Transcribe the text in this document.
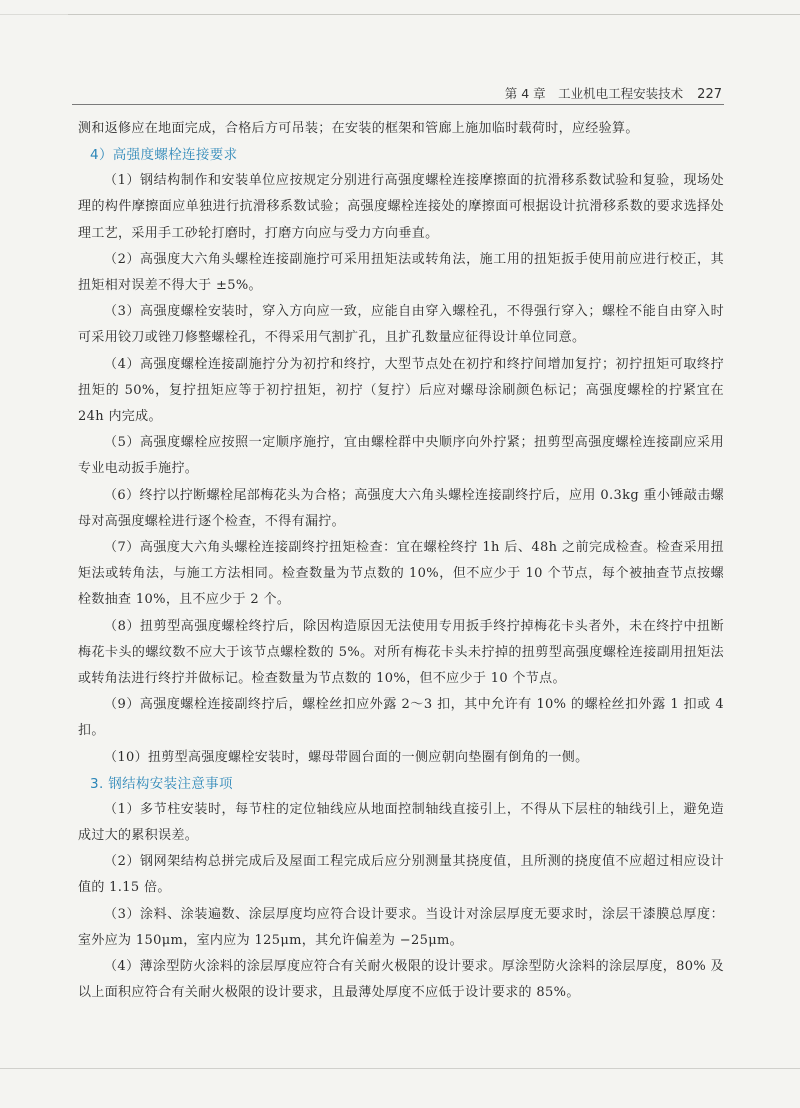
第 4 章　工业机电工程安装技术 227

测和返修应在地面完成，合格后方可吊装；在安装的框架和管廊上施加临时载荷时，应经验算。

4）高强度螺栓连接要求

（1）钢结构制作和安装单位应按规定分别进行高强度螺栓连接摩擦面的抗滑移系数试验和复验，现场处理的构件摩擦面应单独进行抗滑移系数试验；高强度螺栓连接处的摩擦面可根据设计抗滑移系数的要求选择处理工艺，采用手工砂轮打磨时，打磨方向应与受力方向垂直。

（2）高强度大六角头螺栓连接副施拧可采用扭矩法或转角法，施工用的扭矩扳手使用前应进行校正，其扭矩相对误差不得大于 ±5%。

（3）高强度螺栓安装时，穿入方向应一致，应能自由穿入螺栓孔，不得强行穿入；螺栓不能自由穿入时可采用铰刀或锉刀修整螺栓孔，不得采用气割扩孔，且扩孔数量应征得设计单位同意。

（4）高强度螺栓连接副施拧分为初拧和终拧，大型节点处在初拧和终拧间增加复拧；初拧扭矩可取终拧扭矩的 50%，复拧扭矩应等于初拧扭矩，初拧（复拧）后应对螺母涂刷颜色标记；高强度螺栓的拧紧宜在 24h 内完成。

（5）高强度螺栓应按照一定顺序施拧，宜由螺栓群中央顺序向外拧紧；扭剪型高强度螺栓连接副应采用专业电动扳手施拧。

（6）终拧以拧断螺栓尾部梅花头为合格；高强度大六角头螺栓连接副终拧后，应用 0.3kg 重小锤敲击螺母对高强度螺栓进行逐个检查，不得有漏拧。

（7）高强度大六角头螺栓连接副终拧扭矩检查：宜在螺栓终拧 1h 后、48h 之前完成检查。检查采用扭矩法或转角法，与施工方法相同。检查数量为节点数的 10%，但不应少于 10 个节点，每个被抽查节点按螺栓数抽查 10%，且不应少于 2 个。

（8）扭剪型高强度螺栓终拧后，除因构造原因无法使用专用扳手终拧掉梅花卡头者外，未在终拧中扭断梅花卡头的螺纹数不应大于该节点螺栓数的 5%。对所有梅花卡头未拧掉的扭剪型高强度螺栓连接副用扭矩法或转角法进行终拧并做标记。检查数量为节点数的 10%，但不应少于 10 个节点。

（9）高强度螺栓连接副终拧后，螺栓丝扣应外露 2～3 扣，其中允许有 10% 的螺栓丝扣外露 1 扣或 4 扣。

（10）扭剪型高强度螺栓安装时，螺母带圆台面的一侧应朝向垫圈有倒角的一侧。

3. 钢结构安装注意事项

（1）多节柱安装时，每节柱的定位轴线应从地面控制轴线直接引上，不得从下层柱的轴线引上，避免造成过大的累积误差。

（2）钢网架结构总拼完成后及屋面工程完成后应分别测量其挠度值，且所测的挠度值不应超过相应设计值的 1.15 倍。

（3）涂料、涂装遍数、涂层厚度均应符合设计要求。当设计对涂层厚度无要求时，涂层干漆膜总厚度：室外应为 150μm，室内应为 125μm，其允许偏差为 −25μm。

（4）薄涂型防火涂料的涂层厚度应符合有关耐火极限的设计要求。厚涂型防火涂料的涂层厚度，80% 及以上面积应符合有关耐火极限的设计要求，且最薄处厚度不应低于设计要求的 85%。
